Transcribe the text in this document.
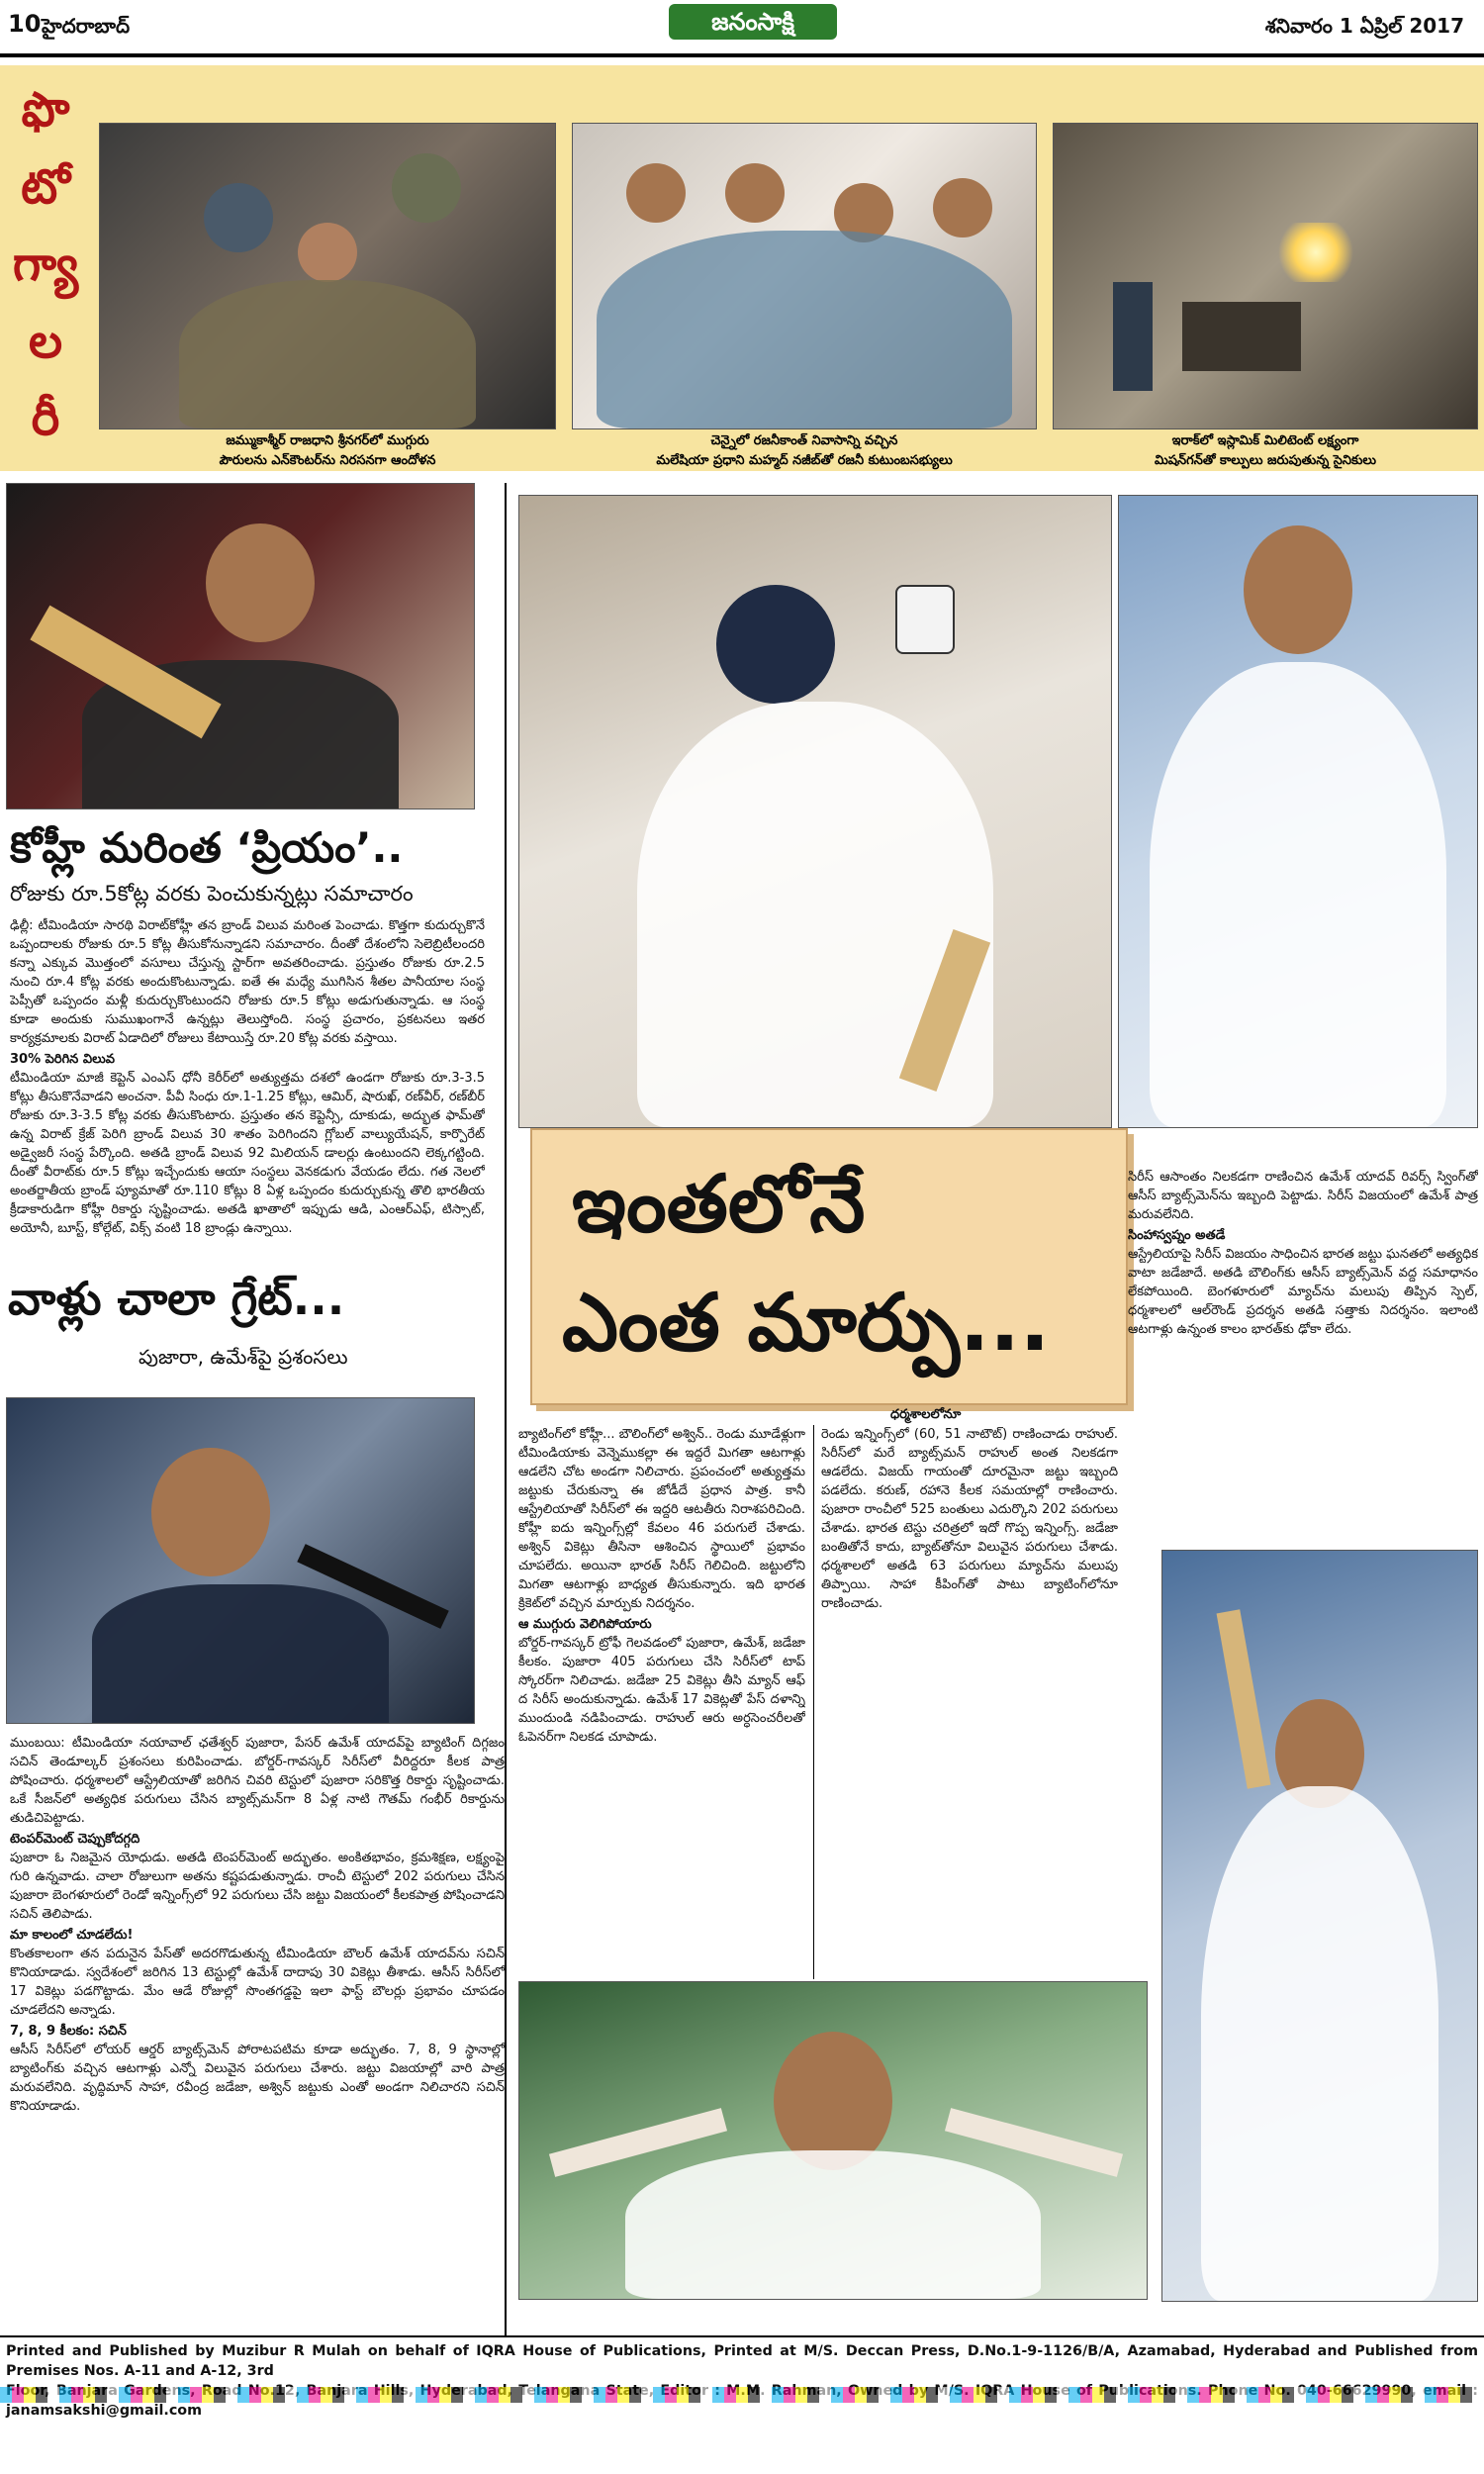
10 హైదరాబాద్	జనంసాక్షి	శనివారం 1 ఏప్రిల్ 2017
ఫొ
టో
గ్యా
ల
రీ	జమ్ముకాశ్మీర్ రాజధాని శ్రీనగర్‌లో ముగ్గురు
పౌరులను ఎన్‌కౌంటర్‌ను నిరసనగా ఆందోళన
చెన్నైలో రజనీకాంత్ నివాసాన్ని వచ్చిన
మలేషియా ప్రధాని మహ్మద్ నజీబ్‌తో రజనీ కుటుంబసభ్యులు
ఇరాక్‌లో ఇస్లామిక్ మిలిటెంట్ లక్ష్యంగా
మిషన్‌గన్‌తో కాల్పులు జరుపుతున్న సైనికులు
కోహ్లీ మరింత ‘ప్రియం’..
రోజుకు రూ.5కోట్ల వరకు పెంచుకున్నట్లు సమాచారం
ఢిల్లీ: టీమిండియా సారథి విరాట్‌కోహ్లీ తన బ్రాండ్ విలువ మరింత పెంచాడు. కొత్తగా కుదుర్చుకొనే ఒప్పందాలకు రోజుకు రూ.5 కోట్ల తీసుకోనున్నాడని సమాచారం. దీంతో దేశంలోని సెలెబ్రిటీలందరి కన్నా ఎక్కువ మొత్తంలో వసూలు చేస్తున్న స్టార్‌గా అవతరించాడు. ప్రస్తుతం రోజుకు రూ.2.5 నుంచి రూ.4 కోట్ల వరకు అందుకొంటున్నాడు. ఐతే ఈ మధ్యే ముగిసిన శీతల పానీయాల సంస్థ పెప్సీతో ఒప్పందం మళ్లీ కుదుర్చుకొంటుందని రోజుకు రూ.5 కోట్లు అడుగుతున్నాడు. ఆ సంస్థ కూడా అందుకు సుముఖంగానే ఉన్నట్లు తెలుస్తోంది. సంస్థ ప్రచారం, ప్రకటనలు ఇతర కార్యక్రమాలకు విరాట్ ఏడాదిలో రోజులు కేటాయిస్తే రూ.20 కోట్ల వరకు వస్తాయి.
30% పెరిగిన విలువ
టీమిండియా మాజీ కెప్టెన్ ఎంఎస్ ధోనీ కెరీర్‌లో అత్యుత్తమ దశలో ఉండగా రోజుకు రూ.3-3.5 కోట్లు తీసుకొనేవాడని అంచనా. పీవీ సింధు రూ.1-1.25 కోట్లు, ఆమిర్, షారుఖ్, రణ్‌వీర్, రణ్‌బీర్ రోజుకు రూ.3-3.5 కోట్ల వరకు తీసుకొంటారు. ప్రస్తుతం తన కెప్టెన్సీ, దూకుడు, అద్భుత ఫామ్‌తో ఉన్న విరాట్ క్రేజ్ పెరిగి బ్రాండ్ విలువ 30 శాతం పెరిగిందని గ్లోబల్ వాల్యుయేషన్, కార్పొరేట్ అడ్వైజరీ సంస్థ పేర్కొంది. అతడి బ్రాండ్ విలువ 92 మిలియన్ డాలర్లు ఉంటుందని లెక్కగట్టింది. దీంతో వీరాట్‌కు రూ.5 కోట్లు ఇచ్చేందుకు ఆయా సంస్థలు వెనకడుగు వేయడం లేదు. గత నెలలో అంతర్జాతీయ బ్రాండ్ ప్యూమాతో రూ.110 కోట్లు 8 ఏళ్ల ఒప్పందం కుదుర్చుకున్న తొలి భారతీయ క్రీడాకారుడిగా కోహ్లీ రికార్డు సృష్టించాడు. అతడి ఖాతాలో ఇప్పుడు ఆడి, ఎంఆర్ఎఫ్, టిస్సాట్, అయోనీ, బూస్ట్, కోల్గేట్, విక్స్ వంటి 18 బ్రాండ్లు ఉన్నాయి.
వాళ్లు చాలా గ్రేట్...
పుజారా, ఉమేశ్‌పై ప్రశంసలు
ముంబయి: టీమిండియా నయావాల్ ఛతేశ్వర్ పుజారా, పేసర్ ఉమేశ్ యాదవ్‌పై బ్యాటింగ్ దిగ్గజం సచిన్ తెండూల్కర్ ప్రశంసలు కురిపించాడు. బోర్డర్-గావస్కర్ సిరీస్‌లో వీరిద్దరూ కీలక పాత్ర పోషించారు. ధర్మశాలలో ఆస్ట్రేలియాతో జరిగిన చివరి టెస్టులో పుజారా సరికొత్త రికార్డు సృష్టించాడు. ఒకే సీజన్‌లో అత్యధిక పరుగులు చేసిన బ్యాట్స్‌మన్‌గా 8 ఏళ్ల నాటి గౌతమ్ గంభీర్ రికార్డును తుడిచిపెట్టాడు.
టెంపర్‌మెంట్ చెప్పుకోదగ్గది
పుజారా ఓ నిజమైన యోధుడు. అతడి టెంపర్‌మెంట్ అద్భుతం. అంకితభావం, క్రమశిక్షణ, లక్ష్యంపై గురి ఉన్నవాడు. చాలా రోజులుగా అతను కష్టపడుతున్నాడు. రాంచీ టెస్టులో 202 పరుగులు చేసిన పుజారా బెంగళూరులో రెండో ఇన్నింగ్స్‌లో 92 పరుగులు చేసి జట్టు విజయంలో కీలకపాత్ర పోషించాడని సచిన్ తెలిపాడు.
మా కాలంలో చూడలేదు!
కొంతకాలంగా తన పదునైన పేస్‌తో అదరగొడుతున్న టీమిండియా బౌలర్ ఉమేశ్ యాదవ్‌ను సచిన్ కొనియాడాడు. స్వదేశంలో జరిగిన 13 టెస్టుల్లో ఉమేశ్ దాదాపు 30 వికెట్లు తీశాడు. ఆసీస్ సిరీస్‌లో 17 వికెట్లు పడగొట్టాడు. మేం ఆడే రోజుల్లో సొంతగడ్డపై ఇలా ఫాస్ట్ బౌలర్లు ప్రభావం చూపడం చూడలేదని అన్నాడు.
7, 8, 9 కీలకం: సచిన్
ఆసీస్ సిరీస్‌లో లోయర్ ఆర్డర్ బ్యాట్స్‌మెన్ పోరాటపటిమ కూడా అద్భుతం. 7, 8, 9 స్థానాల్లో బ్యాటింగ్‌కు వచ్చిన ఆటగాళ్లు ఎన్నో విలువైన పరుగులు చేశారు. జట్టు విజయాల్లో వారి పాత్ర మరువలేనిది. వృద్ధిమాన్ సాహా, రవీంద్ర జడేజా, అశ్విన్ జట్టుకు ఎంతో అండగా నిలిచారని సచిన్ కొనియాడాడు.
ఇంతలోనే
ఎంత మార్పు...
ధర్మశాలలోనూ
బ్యాటింగ్‌లో కోహ్లీ... బౌలింగ్‌లో అశ్విన్.. రెండు మూడేళ్లుగా టీమిండియాకు వెన్నెముకల్లా ఈ ఇద్దరే మిగతా ఆటగాళ్లు ఆడలేని చోట అండగా నిలిచారు. ప్రపంచంలో అత్యుత్తమ జట్టుకు చేరుకున్నా ఈ జోడీదే ప్రధాన పాత్ర. కానీ ఆస్ట్రేలియాతో సిరీస్‌లో ఈ ఇద్దరి ఆటతీరు నిరాశపరిచింది. కోహ్లీ ఐదు ఇన్నింగ్స్‌ల్లో కేవలం 46 పరుగులే చేశాడు. అశ్విన్ వికెట్లు తీసినా ఆశించిన స్థాయిలో ప్రభావం చూపలేదు. అయినా భారత్ సిరీస్ గెలిచింది. జట్టులోని మిగతా ఆటగాళ్లు బాధ్యత తీసుకున్నారు. ఇది భారత క్రికెట్‌లో వచ్చిన మార్పుకు నిదర్శనం.
ఆ ముగ్గురు వెలిగిపోయారు
బోర్డర్-గావస్కర్ ట్రోఫీ గెలవడంలో పుజారా, ఉమేశ్, జడేజా కీలకం. పుజారా 405 పరుగులు చేసి సిరీస్‌లో టాప్ స్కోరర్‌గా నిలిచాడు. జడేజా 25 వికెట్లు తీసి మ్యాన్ ఆఫ్ ద సిరీస్ అందుకున్నాడు. ఉమేశ్ 17 వికెట్లతో పేస్ దళాన్ని ముందుండి నడిపించాడు. రాహుల్ ఆరు అర్ధసెంచరీలతో ఓపెనర్‌గా నిలకడ చూపాడు.
రెండు ఇన్నింగ్స్‌లో (60, 51 నాటౌట్) రాణించాడు రాహుల్. సిరీస్‌లో మరే బ్యాట్స్‌మన్ రాహుల్ అంత నిలకడగా ఆడలేదు. విజయ్ గాయంతో దూరమైనా జట్టు ఇబ్బంది పడలేదు. కరుణ్, రహానె కీలక సమయాల్లో రాణించారు. పుజారా రాంచీలో 525 బంతులు ఎదుర్కొని 202 పరుగులు చేశాడు. భారత టెస్టు చరిత్రలో ఇదో గొప్ప ఇన్నింగ్స్. జడేజా బంతితోనే కాదు, బ్యాట్‌తోనూ విలువైన పరుగులు చేశాడు. ధర్మశాలలో అతడి 63 పరుగులు మ్యాచ్‌ను మలుపు తిప్పాయి. సాహా కీపింగ్‌తో పాటు బ్యాటింగ్‌లోనూ రాణించాడు.
సిరీస్ ఆసాంతం నిలకడగా రాణించిన ఉమేశ్ యాదవ్ రివర్స్ స్వింగ్‌తో ఆసీస్ బ్యాట్స్‌మెన్‌ను ఇబ్బంది పెట్టాడు. సిరీస్ విజయంలో ఉమేశ్ పాత్ర మరువలేనిది.
సింహాస్వప్నం అతడే
ఆస్ట్రేలియాపై సిరీస్ విజయం సాధించిన భారత జట్టు ఘనతలో అత్యధిక వాటా జడేజాదే. అతడి బౌలింగ్‌కు ఆసీస్ బ్యాట్స్‌మెన్ వద్ద సమాధానం లేకపోయింది. బెంగళూరులో మ్యాచ్‌ను మలుపు తిప్పిన స్పెల్, ధర్మశాలలో ఆల్‌రౌండ్ ప్రదర్శన అతడి సత్తాకు నిదర్శనం. ఇలాంటి ఆటగాళ్లు ఉన్నంత కాలం భారత్‌కు ఢోకా లేదు.
Printed and Published by Muzibur R Mulah on behalf of IQRA House of Publications, Printed at M/S. Deccan Press, D.No.1-9-1126/B/A, Azamabad, Hyderabad and Published from Premises Nos. A-11 and A-12, 3rd
janamsakshi@gmail.com
